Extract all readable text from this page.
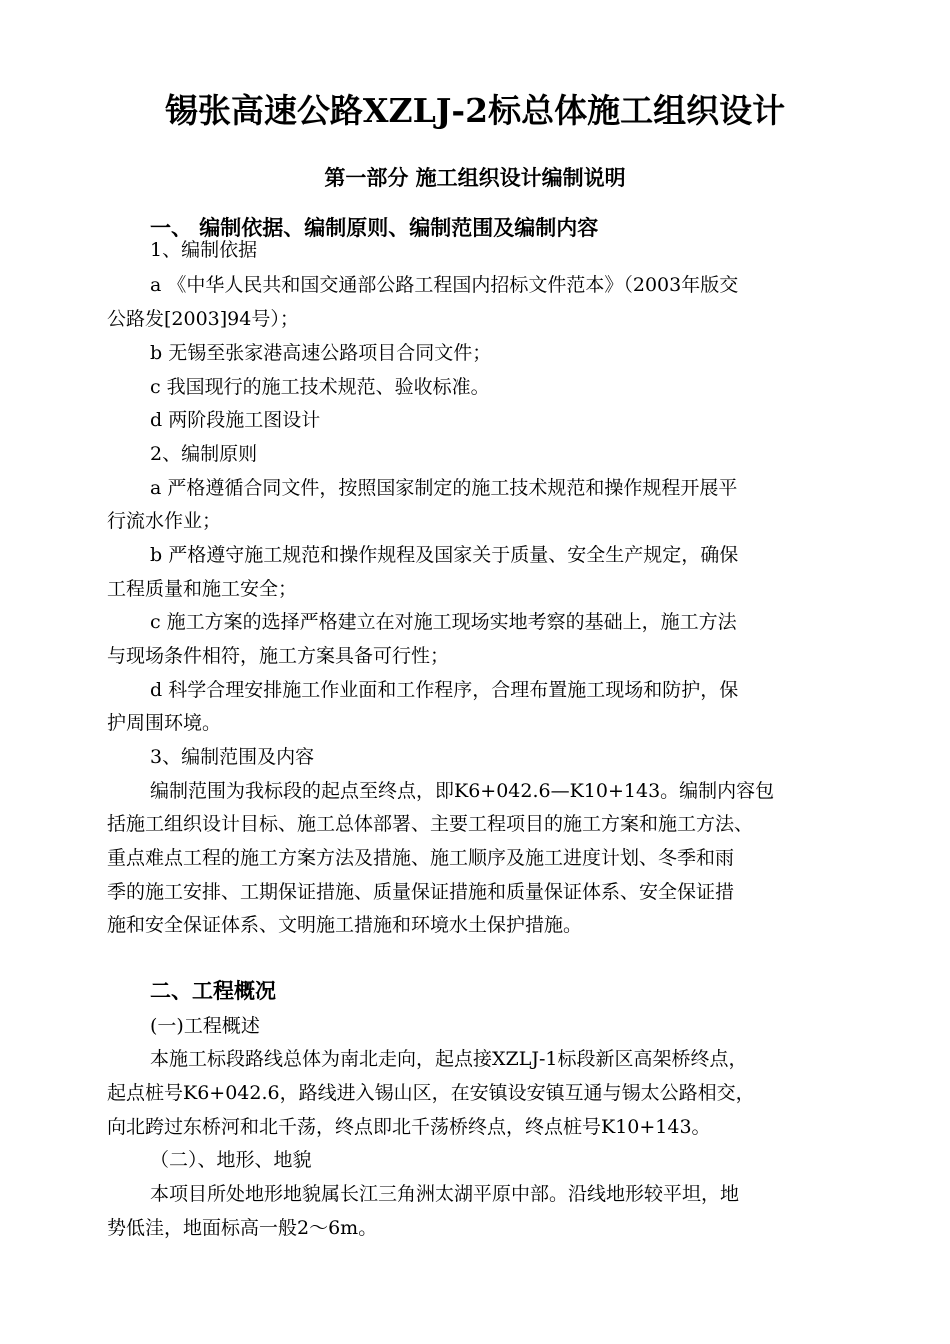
锡张高速公路XZLJ-2标总体施工组织设计
第一部分 施工组织设计编制说明
一、 编制依据、编制原则、编制范围及编制内容
1、编制依据
a 《中华人民共和国交通部公路工程国内招标文件范本》（2003年版交
公路发[2003]94号）；
b 无锡至张家港高速公路项目合同文件；
c 我国现行的施工技术规范、验收标准。
d 两阶段施工图设计
2、编制原则
a 严格遵循合同文件，按照国家制定的施工技术规范和操作规程开展平
行流水作业；
b 严格遵守施工规范和操作规程及国家关于质量、安全生产规定，确保
工程质量和施工安全；
c 施工方案的选择严格建立在对施工现场实地考察的基础上，施工方法
与现场条件相符，施工方案具备可行性；
d 科学合理安排施工作业面和工作程序，合理布置施工现场和防护，保
护周围环境。
3、编制范围及内容
编制范围为我标段的起点至终点，即K6+042.6—K10+143。编制内容包
括施工组织设计目标、施工总体部署、主要工程项目的施工方案和施工方法、
重点难点工程的施工方案方法及措施、施工顺序及施工进度计划、冬季和雨
季的施工安排、工期保证措施、质量保证措施和质量保证体系、安全保证措
施和安全保证体系、文明施工措施和环境水土保护措施。
二、工程概况
(一)工程概述
本施工标段路线总体为南北走向，起点接XZLJ-1标段新区高架桥终点，
起点桩号K6+042.6，路线进入锡山区，在安镇设安镇互通与锡太公路相交，
向北跨过东桥河和北千荡，终点即北千荡桥终点，终点桩号K10+143。
（二）、地形、地貌
本项目所处地形地貌属长江三角洲太湖平原中部。沿线地形较平坦，地
势低洼，地面标高一般2～6m。
